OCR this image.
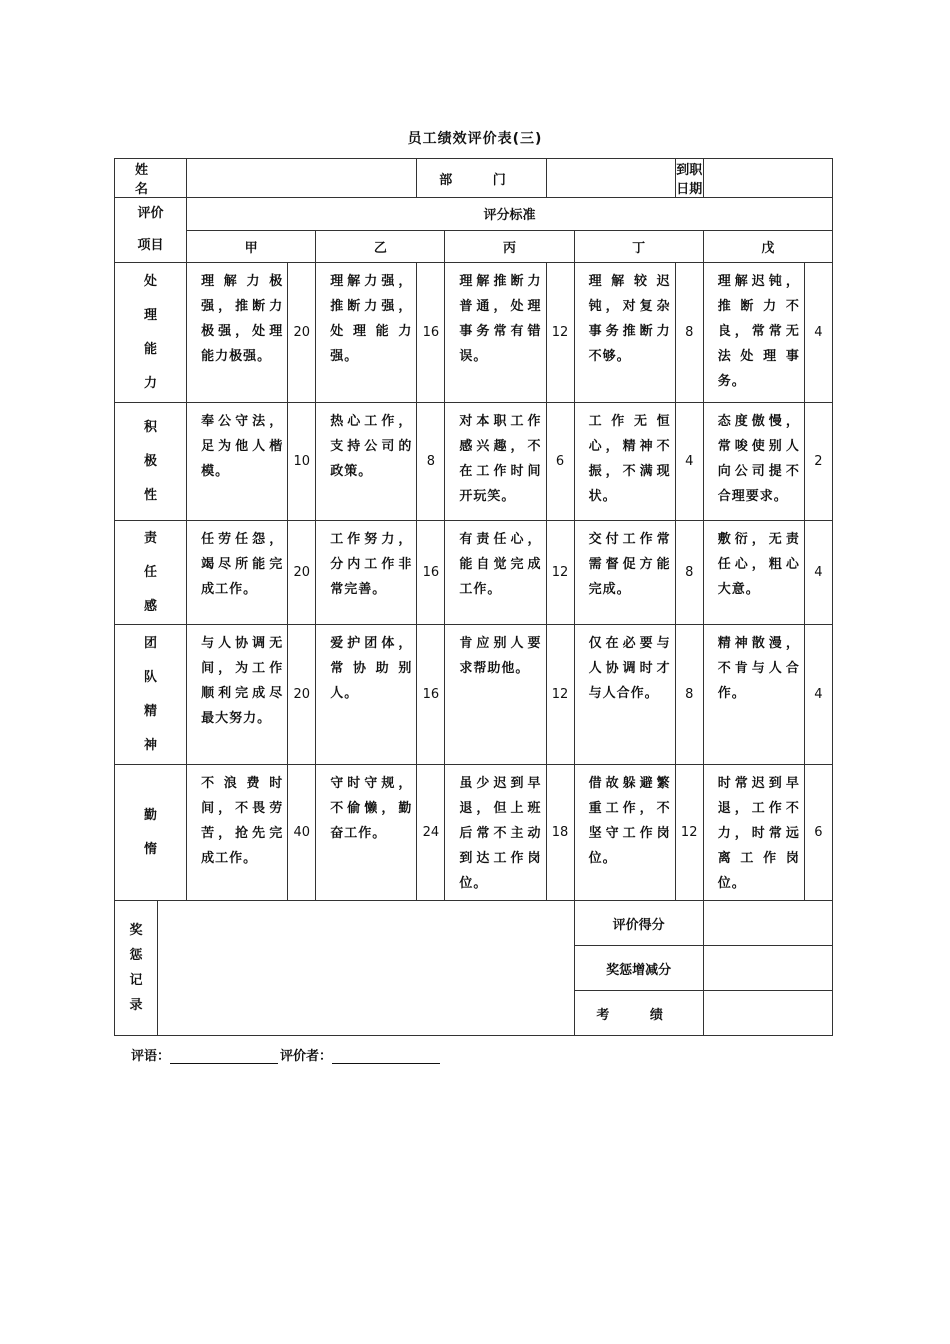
员工绩效评价表(三)
姓 名					部 门				到职日期		

评价
项目		评分标准									
		甲		乙		丙		丁		戊	

处
理
能
力		理解力极强，推断力极强，处理能力极强。	20	理解力强，推断力强，处理能力强。	16	理解推断力普通，处理事务常有错误。	12	理解较迟钝，对复杂事务推断力不够。	8	理解迟钝，推断力不良，常常无法处理事务。	4

积
极
性		奉公守法，足为他人楷模。	10	热心工作，支持公司的政策。	8	对本职工作感兴趣，不在工作时间开玩笑。	6	工作无恒心，精神不振，不满现状。	4	态度傲慢，常唆使别人向公司提不合理要求。	2

责
任
感		任劳任怨，竭尽所能完成工作。	20	工作努力，分内工作非常完善。	16	有责任心，能自觉完成工作。	12	交付工作常需督促方能完成。	8	敷衍，无责任心，粗心大意。	4

团
队
精
神		与人协调无间，为工作顺利完成尽最大努力。	20	爱护团体，常协助别人。	16	肯应别人要求帮助他。	12	仅在必要与人协调时才与人合作。	8	精神散漫，不肯与人合作。	4

勤
惰		不浪费时间，不畏劳苦，抢先完成工作。	40	守时守规，不偷懒，勤奋工作。	24	虽少迟到早退，但上班后常不主动到达工作岗位。	18	借故躲避繁重工作，不坚守工作岗位。	12	时常迟到早退，工作不力，时常远离工作岗位。	6

奖
惩
记
录								评价得分			
								奖惩增减分			
								考 绩			
评语：	评价者：
